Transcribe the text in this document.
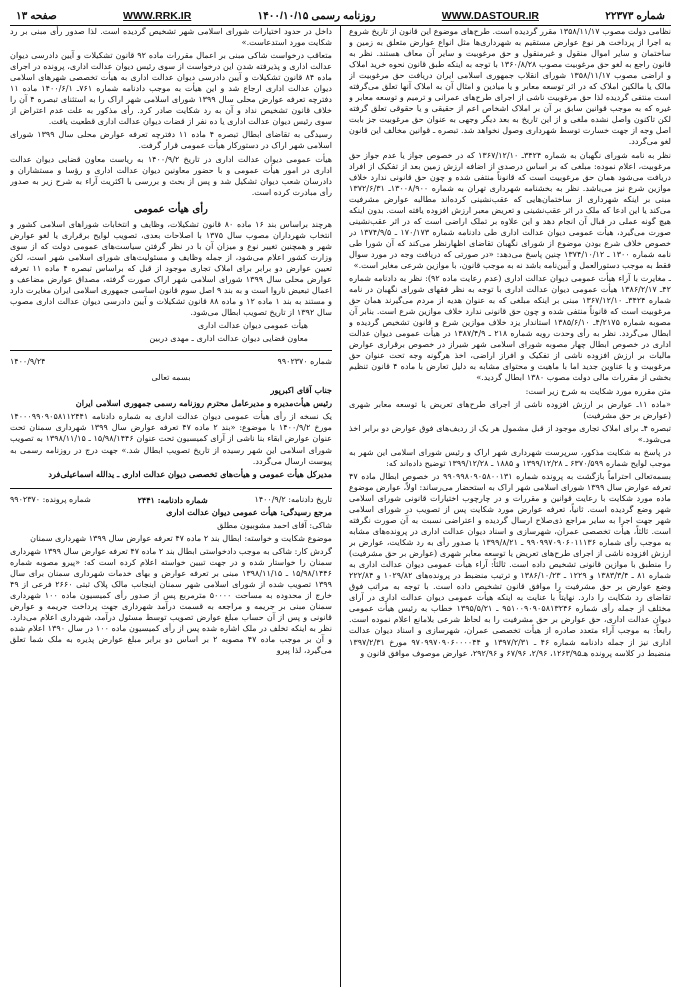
صفحه ۱۳	WWW.RRK.IR	روزنامه رسمی ۱۴۰۰/۱۰/۱۵	WWW.DASTOUR.IR	شماره ۲۲۳۷۳

نظامی دولت مصوب ۱۳۵۸/۱۱/۱۷ مقرر گردیده است. طرح‌های موضوع این قانون از تاریخ شروع به اجرا از پرداخت هر نوع عوارض مستقیم به شهرداری‌ها مثل انواع عوارض متعلق به زمین و ساختمان و سایر اموال منقول و غیرمنقول و حق مرغوبیت و سایر آن معاف هستند. نظر به قانون راجع به لغو حق مرغوبیت مصوب ۱۳۶۰/۸/۲۸ با توجه به اینکه طبق قانون نحوه خرید املاک و اراضی مصوب ۱۳۵۸/۱۱/۱۷ شورای انقلاب جمهوری اسلامی ایران دریافت حق مرغوبیت از مالک یا مالکین املاک که در اثر توسعه معابر و یا میادین و امثال آن به املاک آنها تعلق می‌گرفته است منتفی گردیده لذا حق مرغوبیت ناشی از اجرای طرح‌های عمرانی و ترمیم و توسعه معابر و غیره که به موجب قوانین سابق بر آن بر املاک اشخاص اعم از حقیقی و یا حقوقی تعلق گرفته لکن تاکنون واصل نشده ملغی و از این تاریخ به بعد دیگر وجهی به عنوان حق مرغوبیت جز بابت اصل وجه از جهت خسارت توسط شهرداری وصول نخواهد شد. تبصره ـ قوانین مخالف این قانون لغو می‌گردد.

نظر به نامه شورای نگهبان به شماره ۳۴۲۴ـ ۱۳۶۷/۱۲/۱۰ که در خصوص جواز یا عدم جواز حق مرغوبیت، اعلام نموده: مبلغی که بر اساس درصدی از اضافه ارزش زمین بعد از تفکیک از افراد دریافت می‌شود همان حق مرغوبیت است که قانوناً منتفی شده و چون حق قانونی ندارد خلاف موازین شرع نیز می‌باشد. نظر به بخشنامه شهرداری تهران به شماره ۱۳۰۰۸/۹۰۰ـ ۱۳۷۲/۶/۳۱ مبنی بر اینکه شهرداری از ساختمان‌هایی که عقب‌نشینی کرده‌اند مطالبه عوارض مشرفیت می‌کند یا این ادعا که ملک در اثر عقب‌نشینی و تعریض معبر ارزش افزوده یافته است. بدون اینکه هیچ گونه عملی در قبال آن انجام دهد و این علاوه بر تملک اراضی است که در اثر عقب‌نشینی صورت می‌گیرد، هیأت عمومی دیوان عدالت اداری طی دادنامه شماره ۱۷۰/۱۷۳ ـ ۱۳۷۴/۹/۵ در خصوص خلاف شرع بودن موضوع از شورای نگهبان تقاضای اظهارنظر می‌کند که آن شورا طی نامه شماره ۱۳۰۰ ـ ۱۳۷۴/۱۰/۱۲ چنین پاسخ می‌دهد: «در صورتی که دریافت وجه در مورد سوال فقط به موجب دستورالعمل و آیین‌نامه باشد نه به موجب قانون، با موازین شرعی مغایر است.»

ـ مغایرت با آراء هیأت عمومی دیوان عدالت اداری (عدم رعایت ماده ۹۲): نظر به دادنامه شماره ۴۲ـ ۱۳۸۶/۲/۱۷ هیأت عمومی دیوان عدالت اداری با توجه به نظر فقهای شورای نگهبان در نامه شماره ۳۴۲۴ـ ۱۳۶۷/۱۲/۱۰ مبنی بر اینکه مبلغی که به عنوان هدیه از مردم می‌گیرند همان حق مرغوبیت است که قانوناً منتفی شده و چون حق قانونی ندارد خلاف موازین شرع است. بنابر آن مصوبه شماره ۴/۲۱۷۵ـ ۱۳۸۵/۶/۱۰ استاندار یزد خلاف موازین شرع و قانون تشخیص گردیده و ابطال می‌گردد. نظر به رأی وحدت رویه شماره ۲۱۸ ـ ۱۳۸۷/۴/۹ در هیأت عمومی دیوان عدالت اداری در خصوص ابطال چهار مصوبه شورای اسلامی شهر شیراز در خصوص برقراری عوارض مالیات بر ارزش افزوده ناشی از تفکیک و افراز اراضی، اخذ هرگونه وجه تحت عنوان حق مرغوبیت و یا عناوین جدید اما با ماهیت و محتوای مشابه به دلیل تعارض با ماده ۴ قانون تنظیم بخشی از مقررات مالی دولت مصوب ۱۳۸۰ ابطال گردید.»

متن مقرره مورد شکایت به شرح زیر است:

«ماده ۱۱ـ عوارض بر ارزش افزوده ناشی از اجرای طرح‌های تعریض یا توسعه معابر شهری (عوارض بر حق مشرفیت)

تبصره ۴ـ برای املاک تجاری موجود از قبل مشمول هر یک از ردیف‌های فوق عوارض دو برابر اخذ می‌شود.»

در پاسخ به شکایت مذکور، سرپرست شهرداری شهر اراک و رئیس شورای اسلامی این شهر به موجب لوایح شماره ۶۳۷۰/۵۹۹ ـ ۱۳۹۹/۱۲/۲۸ و ۱۸۸۵ ـ ۱۳۹۹/۱۲/۲۸ توضیح داده‌اند که:

بسمه‌تعالی احتراماً بازگشت به پرونده شماره ۹۹۰۹۹۸۰۹۰۵۸۰۰۱۳۱ در خصوص ابطال ماده ۴۷ تعرفه عوارض سال ۱۳۹۹ شورای اسلامی شهر اراک به استحضار می‌رساند: اولاً، عوارض موضوع ماده مورد شکایت با رعایت قوانین و مقررات و در چارچوب اختیارات قانونی شورای اسلامی شهر وضع گردیده است. ثانیاً، تعرفه عوارض مورد شکایت پس از تصویب در شورای اسلامی شهر جهت اجرا به سایر مراجع ذی‌صلاح ارسال گردیده و اعتراضی نسبت به آن صورت نگرفته است. ثالثاً، هیأت تخصصی عمران، شهرسازی و اسناد دیوان عدالت اداری در پرونده‌های مشابه به موجب رأی شماره ۹۹۰۹۹۷۰۹۰۶۰۱۱۱۳۶ ـ ۱۳۹۹/۸/۲۱ با صدور رأی به رد شکایت، عوارض بر ارزش افزوده ناشی از اجرای طرح‌های تعریض یا توسعه معابر شهری (عوارض بر حق مشرفیت) را منطبق با موازین قانونی تشخیص داده است. ثالثاً: آراء هیأت عمومی دیوان عدالت اداری به شماره ۸۱ ـ ۱۳۸۳/۳/۴ و ۱۲۲۹ ـ ۱۳۸۶/۱۰/۲۳ و ترتیب منضبط در پرونده‌های ۱۰۲۹/۸۲ و ۲۲۲/۸۴ وضع عوارض بر حق مشرفیت را موافق قانون تشخیص داده است. با توجه به مراتب فوق تقاضای رد شکایت را دارد. نهایتاً با عنایت به اینکه هیأت عمومی دیوان عدالت اداری در آرای مختلف از جمله رأی شماره ۹۵۱۰۰۹۰۹۰۵۸۱۳۲۴۶ ـ ۱۳۹۵/۵/۲۱ خطاب به رئیس هیأت عمومی دیوان عدالت اداری، حق عوارض بر حق مشرفیت را به لحاظ شرعی بلامانع اعلام نموده است. رابعاً: به موجب آراء متعدد صادره از هیأت تخصصی عمران، شهرسازی و اسناد دیوان عدالت اداری نیز از جمله دادنامه شماره ۴۶ ـ ۱۳۹۷/۲/۳۱ و ۹۷۰۹۹۷۰۹۰۶۰۰۰۰۴۴ مورخ ۱۳۹۷/۲/۳۱ منضبط در کلاسه پرونده هـ۱۲۶۳/۹۵، ۲/۹۶، ۶۷/۹۶ و ۲۹۲/۹۶، عوارض موصوف موافق قانون و

داخل در حدود اختیارات شورای اسلامی شهر تشخیص گردیده است. لذا صدور رأی مبنی بر رد شکایت مورد استدعاست.»

متعاقب درخواست شاکی مبنی بر اعمال مقررات ماده ۹۲ قانون تشکیلات و آیین دادرسی دیوان عدالت اداری و پذیرفته شدن این درخواست از سوی رئیس دیوان عدالت اداری، پرونده در اجرای ماده ۸۴ قانون تشکیلات و آیین دادرسی دیوان عدالت اداری به هیأت تخصصی شهرهای اسلامی دیوان عدالت اداری ارجاع شد و این هیأت به موجب دادنامه شماره ۷۶۱ـ ۱۴۰۰/۶/۱ ماده ۱۱ دفترچه تعرفه عوارض محلی سال ۱۳۹۹ شورای اسلامی شهر اراک را به استثنای تبصره ۴ آن را خلاف قانون تشخیص نداد و آن به رد شکایت صادر کرد. رأی مذکور به علت عدم اعتراض از سوی رئیس دیوان عدالت اداری یا ده نفر از قضات دیوان عدالت اداری قطعیت یافت.

رسیدگی به تقاضای ابطال تبصره ۴ ماده ۱۱ دفترچه تعرفه عوارض محلی سال ۱۳۹۹ شورای اسلامی شهر اراک در دستورکار هیأت عمومی قرار گرفت.

هیأت عمومی دیوان عدالت اداری در تاریخ ۱۴۰۰/۹/۲ به ریاست معاون قضایی دیوان عدالت اداری در امور هیأت عمومی و با حضور معاونین دیوان عدالت اداری و رؤسا و مستشاران و دادرسان شعب دیوان تشکیل شد و پس از بحث و بررسی با اکثریت آراء به شرح زیر به صدور رأی مبادرت کرده است.

رأی هیأت عمومی

هرچند براساس بند ۱۶ ماده ۸۰ قانون تشکیلات، وظایف و انتخابات شوراهای اسلامی کشور و انتخاب شهرداران مصوب سال ۱۳۷۵ با اصلاحات بعدی، تصویب لوایح برقراری یا لغو عوارض شهر و همچنین تغییر نوع و میزان آن با در نظر گرفتن سیاست‌های عمومی دولت که از سوی وزارت کشور اعلام می‌شود، از جمله وظایف و مسئولیت‌های شورای اسلامی شهر است، لکن تعیین عوارض دو برابر برای املاک تجاری موجود از قبل که براساس تبصره ۴ ماده ۱۱ تعرفه عوارض محلی سال ۱۳۹۹ شورای اسلامی شهر اراک صورت گرفته، مصداق عوارض مضاعف و اعمال تبعیض ناروا است و به بند ۹ اصل سوم قانون اساسی جمهوری اسلامی ایران مغایرت دارد و مستند به بند ۱ ماده ۱۲ و ماده ۸۸ قانون تشکیلات و آیین دادرسی دیوان عدالت اداری مصوب سال ۱۳۹۲ از تاریخ تصویب ابطال می‌شود.

هیأت عمومی دیوان عدالت اداری

معاون قضایی دیوان عدالت اداری ـ مهدی دربین

شماره ۹۹۰۲۳۷۰
۱۴۰۰/۹/۲۴

بسمه تعالی

جناب آقای اکبرپور

رئیس هیأت‌مدیره و مدیرعامل محترم روزنامه رسمی جمهوری اسلامی ایران

یک نسخه از رأی هیأت عمومی دیوان عدالت اداری به شماره دادنامه ۱۴۰۰۰۹۹۰۹۰۵۸۱۱۲۴۴۱ مورخ ۱۴۰۰/۹/۲ با موضوع: «بند ۲ ماده ۴۷ تعرفه عوارض سال ۱۳۹۹ شهرداری سمنان تحت عنوان عوارض ابقاء بنا ناشی از آرای کمیسیون تحت عنوان ۱۵/۹۸/۱۴۴۶ ـ ۱۳۹۸/۱۱/۱۵ به تصویب شورای اسلامی این شهر رسیده از تاریخ تصویب ابطال شد.» جهت درج در روزنامه رسمی به پیوست ارسال می‌گردد.

مدیرکل هیأت عمومی و هیأت‌های تخصصی دیوان عدالت اداری ـ یدالله اسماعیلی‌فرد

تاریخ دادنامه: ۱۴۰۰/۹/۲
شماره دادنامه: ۲۴۴۱
شماره پرونده: ۹۹۰۲۳۷۰

مرجع رسیدگی: هیأت عمومی دیوان عدالت اداری

شاکی: آقای احمد مشوبیون مطلق

موضوع شکایت و خواسته: ابطال بند ۲ ماده ۴۷ تعرفه عوارض سال ۱۳۹۹ شهرداری سمنان

گردش کار: شاکی به موجب دادخواستی ابطال بند ۲ ماده ۴۷ تعرفه عوارض سال ۱۳۹۹ شهرداری سمنان را خواستار شده و در جهت تبیین خواسته اعلام کرده است که: «پیرو مصوبه شماره ۱۵/۹۸/۱۴۴۶ ـ ۱۳۹۸/۱۱/۱۵ مبنی بر تعرفه عوارض و بهای خدمات شهرداری سمنان برای سال ۱۳۹۹ تصویب شده از شورای اسلامی شهر سمنان اینجانب مالک پلاک ثبتی ۲۶۶۰ فرعی از ۴۹ خارج از محدوده به مساحت ۵۰۰۰۰ مترمربع پس از صدور رأی کمیسیون ماده ۱۰۰ شهرداری سمنان مبنی بر جریمه و مراجعه به قسمت درآمد شهرداری جهت پرداخت جریمه و عوارض قانونی و پس از آن حساب مبلغ عوارض تصویب توسط مسئول درآمد، شهرداری اعلام می‌دارد. نظر به اینکه تخلف در ملک اشاره شده پس از رأی کمیسیون ماده ۱۰۰ در سال ۱۳۹۰ اعلام شده و آن بر موجب ماده ۴۷ مصوبه ۲ بر اساس دو برابر مبلغ عوارض پذیره به ملک شما تعلق می‌گیرد، لذا پیرو
